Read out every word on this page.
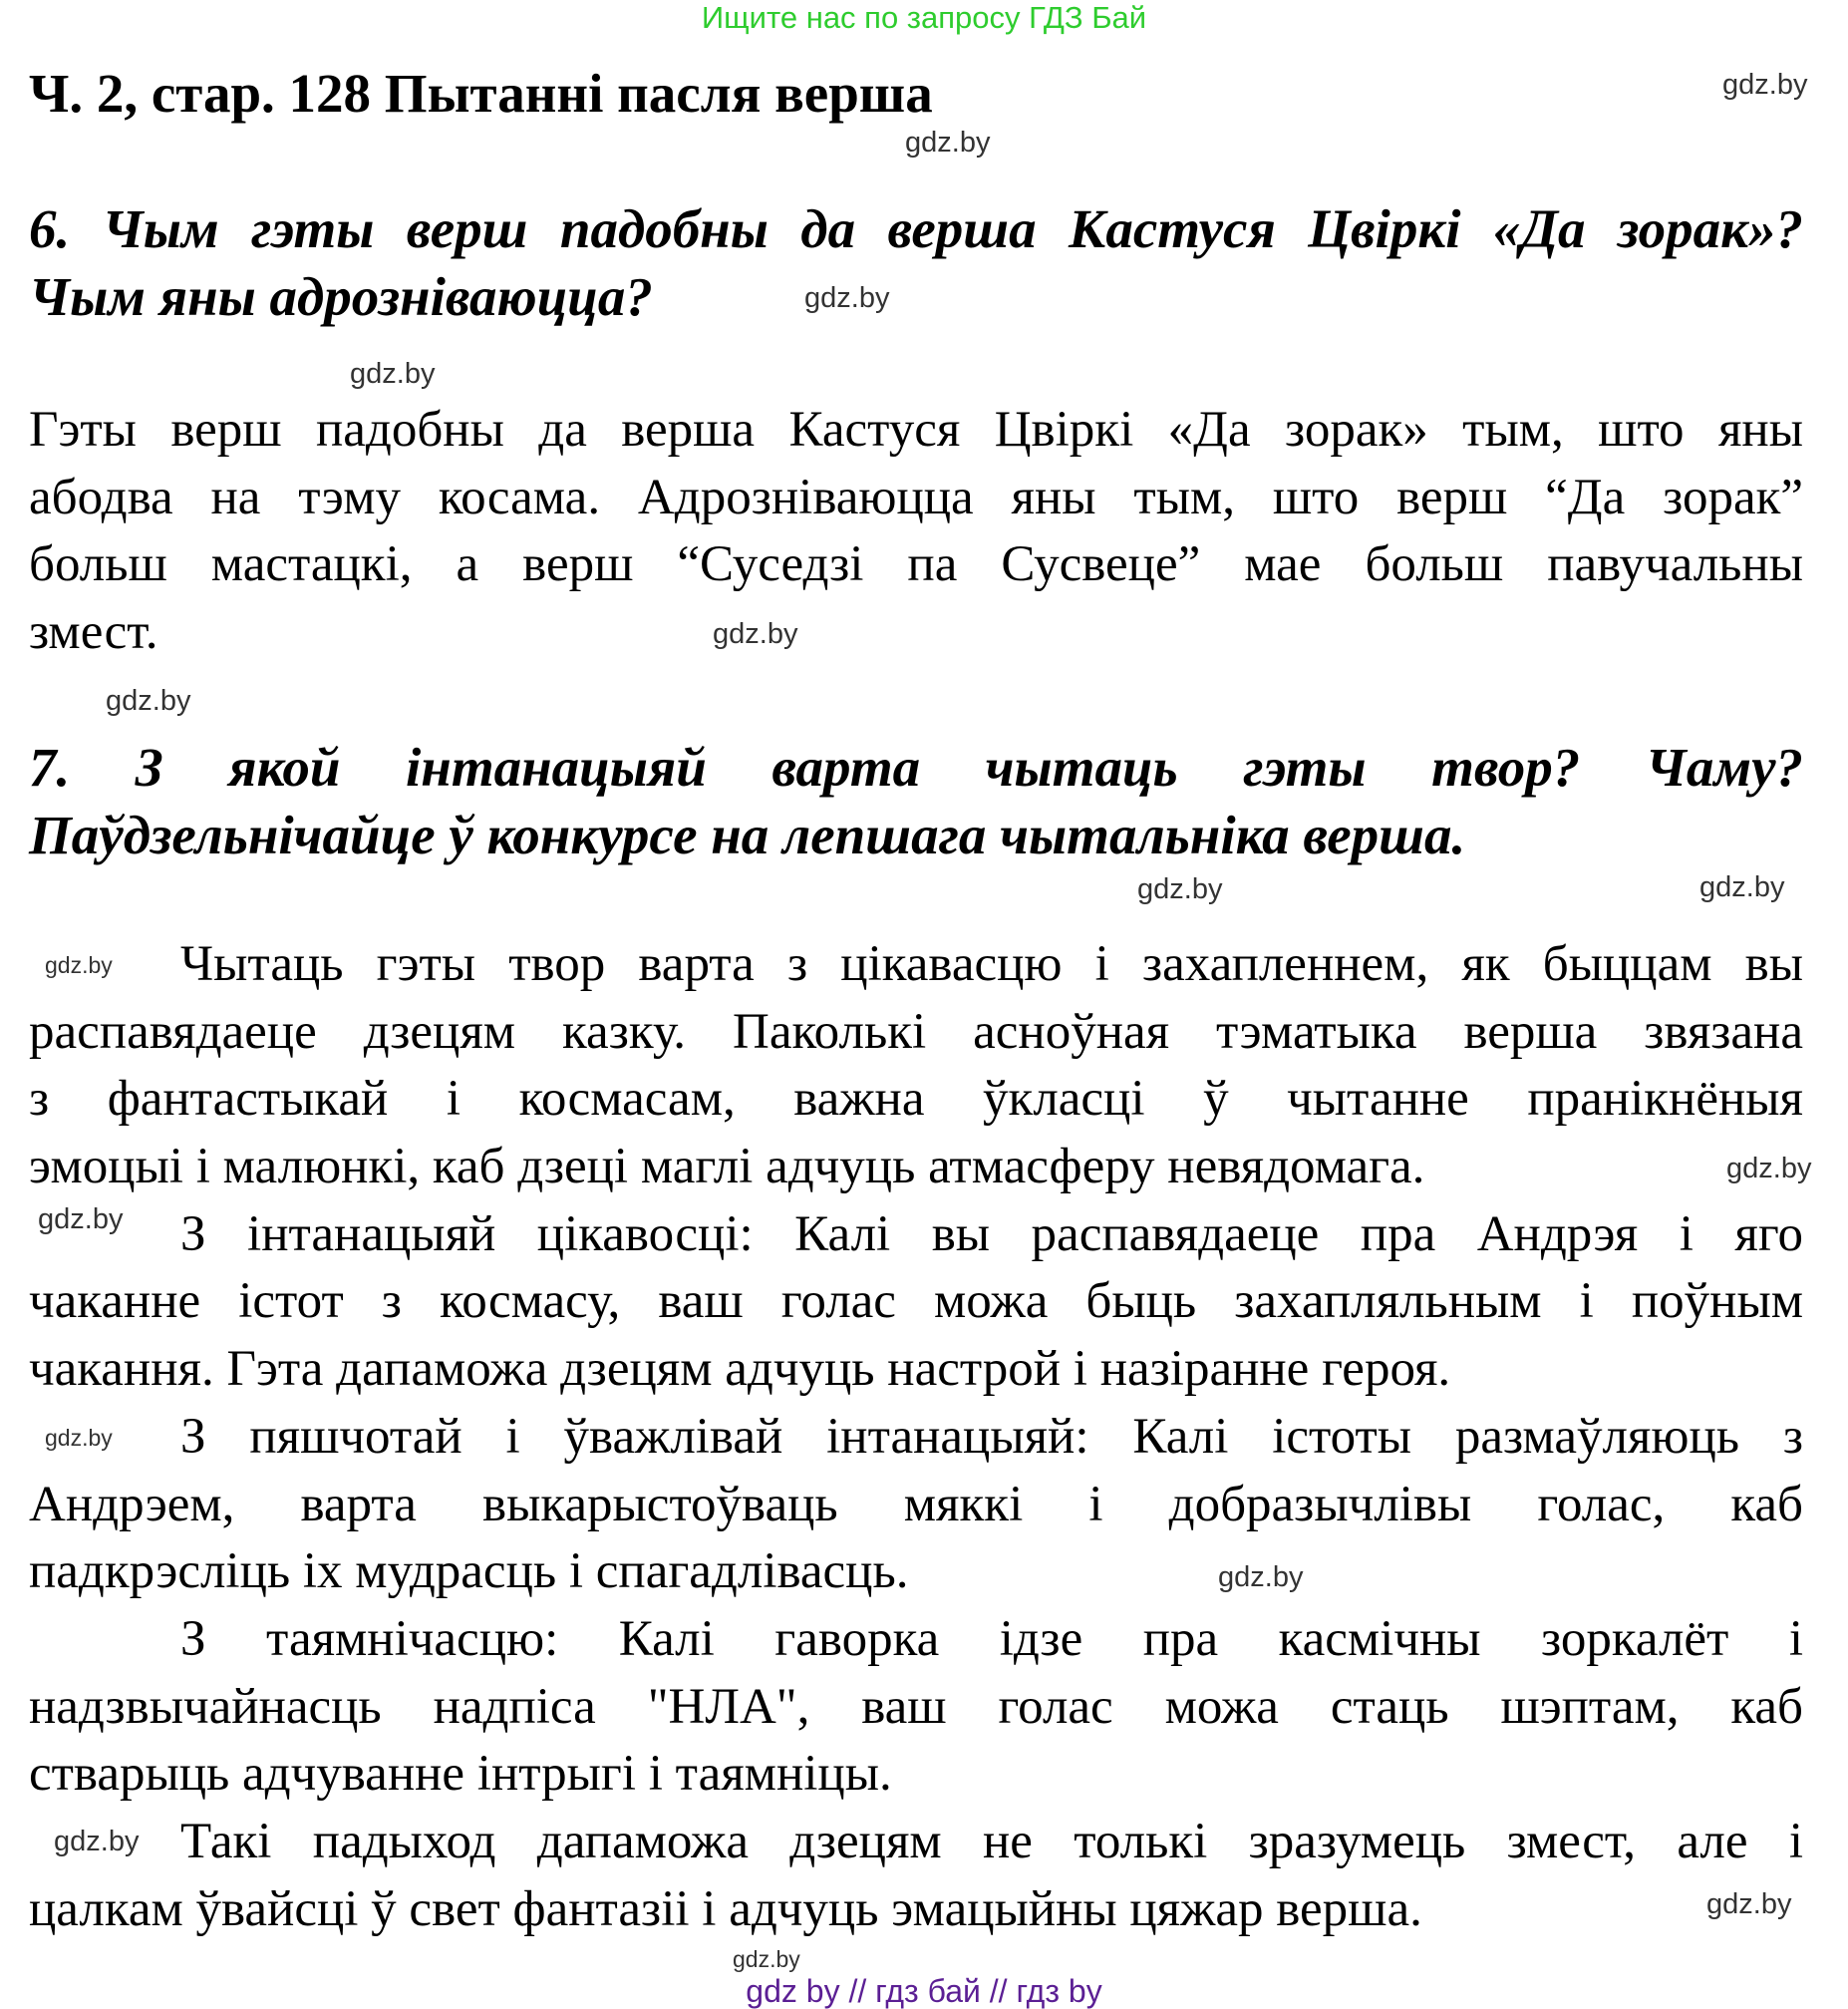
Ищите нас по запросу ГДЗ Бай
Ч. 2, стар. 128 Пытанні пасля верша
6. Чым гэты верш падобны да верша Кастуся Цвіркі «Да зорак»?
Чым яны адрозніваюцца?
Гэты верш падобны да верша Кастуся Цвіркі «Да зорак» тым, што яны
абодва на тэму косама. Адрозніваюцца яны тым, што верш “Да зорак”
больш мастацкі, а верш “Суседзі па Сусвеце” мае больш павучальны
змест.
7. З якой інтанацыяй варта чытаць гэты твор? Чаму?
Паўдзельнічайце ў конкурсе на лепшага чытальніка верша.
Чытаць гэты твор варта з цікавасцю і захапленнем, як быццам вы
распавядаеце дзецям казку. Паколькі асноўная тэматыка верша звязана
з фантастыкай і космасам, важна ўкласці ў чытанне пранікнёныя
эмоцыі і малюнкі, каб дзеці маглі адчуць атмасферу невядомага.
З інтанацыяй цікавосці: Калі вы распавядаеце пра Андрэя і яго
чаканне істот з космасу, ваш голас можа быць захапляльным і поўным
чакання. Гэта дапаможа дзецям адчуць настрой і назіранне героя.
З пяшчотай і ўважлівай інтанацыяй: Калі істоты размаўляюць з
Андрэем, варта выкарыстоўваць мяккі і добразычлівы голас, каб
падкрэсліць іх мудрасць і спагадлівасць.
З таямнічасцю: Калі гаворка ідзе пра касмічны зоркалёт і
надзвычайнасць надпіса "НЛА", ваш голас можа стаць шэптам, каб
стварыць адчуванне інтрыгі і таямніцы.
Такі падыход дапаможа дзецям не толькі зразумець змест, але і
цалкам ўвайсці ў свет фантазіі і адчуць эмацыйны цяжар верша.
gdz.by
gdz.by
gdz.by
gdz.by
gdz.by
gdz.by
gdz.by
gdz.by
gdz.by
gdz.by
gdz.by
gdz.by
gdz.by
gdz.by
gdz.by
gdz.by
gdz by // гдз бай // гдз by
